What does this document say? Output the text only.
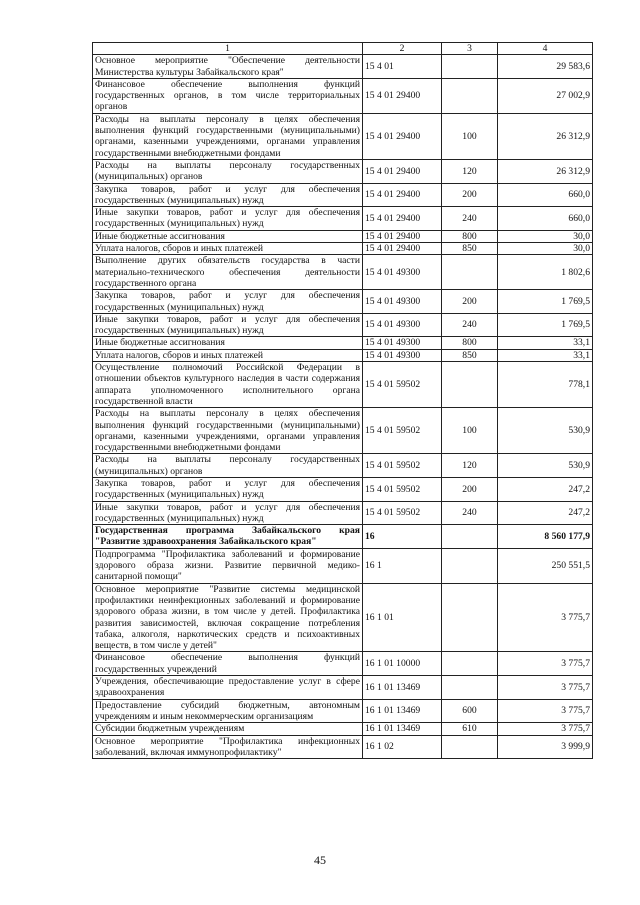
1	2	3	4
Основное мероприятие "Обеспечение деятельности Министерства культуры Забайкальского края"	15 4 01		29 583,6
Финансовое обеспечение выполнения функций государственных органов, в том числе территориальных органов	15 4 01 29400		27 002,9
Расходы на выплаты персоналу в целях обеспечения выполнения функций государственными (муниципальными) органами, казенными учреждениями, органами управления государственными внебюджетными фондами	15 4 01 29400	100	26 312,9
Расходы на выплаты персоналу государственных (муниципальных) органов	15 4 01 29400	120	26 312,9
Закупка товаров, работ и услуг для обеспечения государственных (муниципальных) нужд	15 4 01 29400	200	660,0
Иные закупки товаров, работ и услуг для обеспечения государственных (муниципальных) нужд	15 4 01 29400	240	660,0
Иные бюджетные ассигнования	15 4 01 29400	800	30,0
Уплата налогов, сборов и иных платежей	15 4 01 29400	850	30,0
Выполнение других обязательств государства в части материально-технического обеспечения деятельности государственного органа	15 4 01 49300		1 802,6
Закупка товаров, работ и услуг для обеспечения государственных (муниципальных) нужд	15 4 01 49300	200	1 769,5
Иные закупки товаров, работ и услуг для обеспечения государственных (муниципальных) нужд	15 4 01 49300	240	1 769,5
Иные бюджетные ассигнования	15 4 01 49300	800	33,1
Уплата налогов, сборов и иных платежей	15 4 01 49300	850	33,1
Осуществление полномочий Российской Федерации в отношении объектов культурного наследия в части содержания аппарата уполномоченного исполнительного органа государственной власти	15 4 01 59502		778,1
Расходы на выплаты персоналу в целях обеспечения выполнения функций государственными (муниципальными) органами, казенными учреждениями, органами управления государственными внебюджетными фондами	15 4 01 59502	100	530,9
Расходы на выплаты персоналу государственных (муниципальных) органов	15 4 01 59502	120	530,9
Закупка товаров, работ и услуг для обеспечения государственных (муниципальных) нужд	15 4 01 59502	200	247,2
Иные закупки товаров, работ и услуг для обеспечения государственных (муниципальных) нужд	15 4 01 59502	240	247,2
Государственная программа Забайкальского края "Развитие здравоохранения Забайкальского края"	16		8 560 177,9
Подпрограмма "Профилактика заболеваний и формирование здорового образа жизни. Развитие первичной медико-санитарной помощи"	16 1		250 551,5
Основное мероприятие "Развитие системы медицинской профилактики неинфекционных заболеваний и формирование здорового образа жизни, в том числе у детей. Профилактика развития зависимостей, включая сокращение потребления табака, алкоголя, наркотических средств и психоактивных веществ, в том числе у детей"	16 1 01		3 775,7
Финансовое обеспечение выполнения функций государственных учреждений	16 1 01 10000		3 775,7
Учреждения, обеспечивающие предоставление услуг в сфере здравоохранения	16 1 01 13469		3 775,7
Предоставление субсидий бюджетным, автономным учреждениям и иным некоммерческим организациям	16 1 01 13469	600	3 775,7
Субсидии бюджетным учреждениям	16 1 01 13469	610	3 775,7
Основное мероприятие "Профилактика инфекционных заболеваний, включая иммунопрофилактику"	16 1 02		3 999,9
45
